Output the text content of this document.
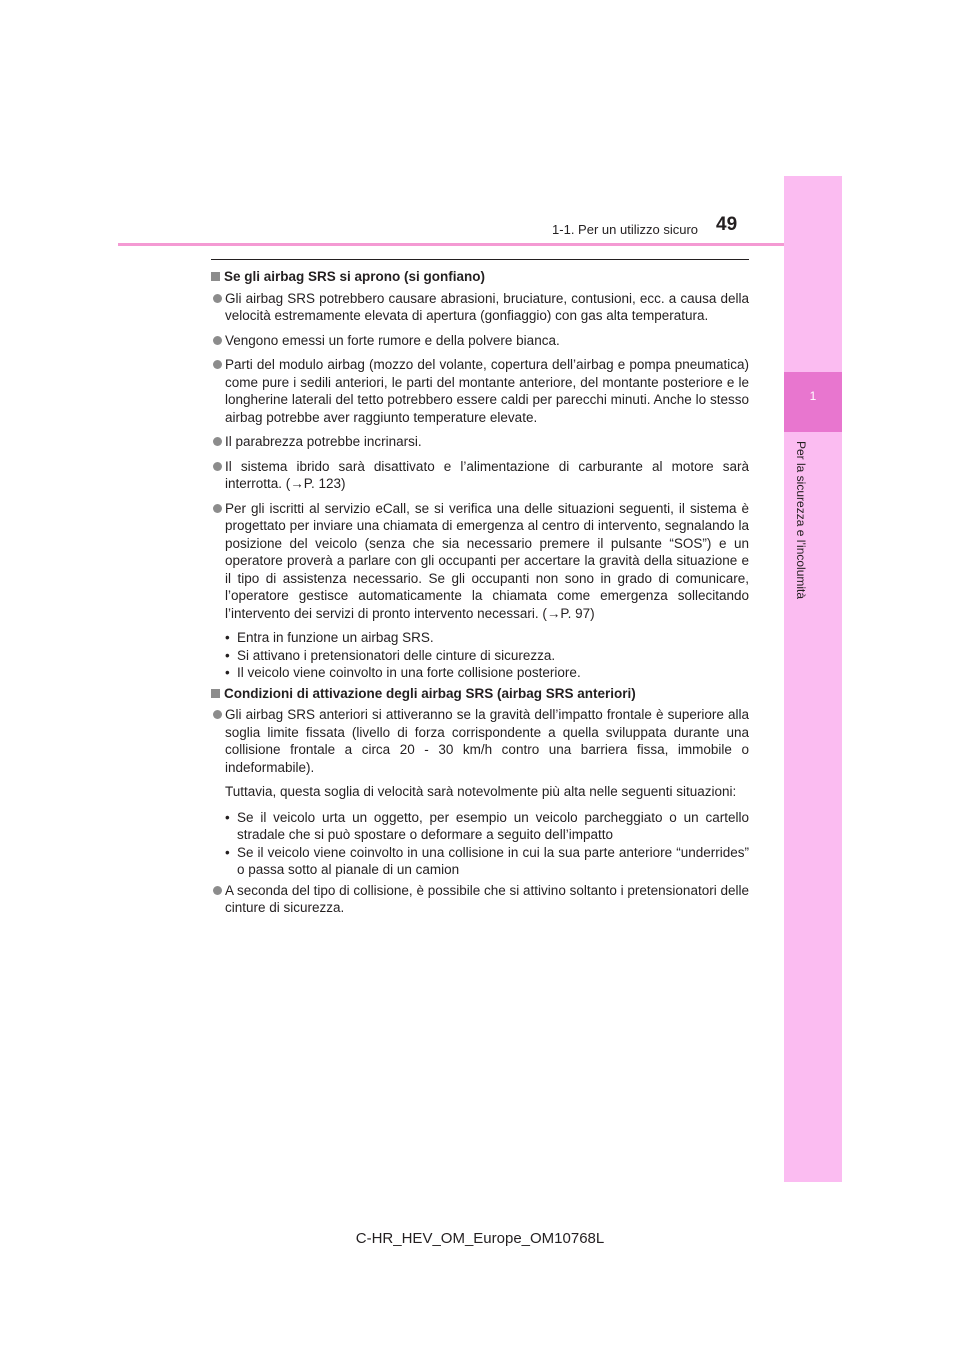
1-1. Per un utilizzo sicuro 49
1
Per la sicurezza e l’incolumità
Se gli airbag SRS si aprono (si gonfiano)
Gli airbag SRS potrebbero causare abrasioni, bruciature, contusioni, ecc. a causa della velocità estremamente elevata di apertura (gonfiaggio) con gas alta temperatura.
Vengono emessi un forte rumore e della polvere bianca.
Parti del modulo airbag (mozzo del volante, copertura dell’airbag e pompa pneumatica) come pure i sedili anteriori, le parti del montante anteriore, del montante posteriore e le longherine laterali del tetto potrebbero essere caldi per parecchi minuti. Anche lo stesso airbag potrebbe aver raggiunto temperature elevate.
Il parabrezza potrebbe incrinarsi.
Il sistema ibrido sarà disattivato e l’alimentazione di carburante al motore sarà interrotta. (→P. 123)
Per gli iscritti al servizio eCall, se si verifica una delle situazioni seguenti, il sistema è progettato per inviare una chiamata di emergenza al centro di intervento, segnalando la posizione del veicolo (senza che sia necessario premere il pulsante “SOS”) e un operatore proverà a parlare con gli occupanti per accertare la gravità della situazione e il tipo di assistenza necessario. Se gli occupanti non sono in grado di comunicare, l’operatore gestisce automaticamente la chiamata come emergenza sollecitando l’intervento dei servizi di pronto intervento necessari. (→P. 97)
• Entra in funzione un airbag SRS.
• Si attivano i pretensionatori delle cinture di sicurezza.
• Il veicolo viene coinvolto in una forte collisione posteriore.
Condizioni di attivazione degli airbag SRS (airbag SRS anteriori)
Gli airbag SRS anteriori si attiveranno se la gravità dell’impatto frontale è superiore alla soglia limite fissata (livello di forza corrispondente a quella sviluppata durante una collisione frontale a circa 20 - 30 km/h contro una barriera fissa, immobile o indeformabile).
Tuttavia, questa soglia di velocità sarà notevolmente più alta nelle seguenti situazioni:
• Se il veicolo urta un oggetto, per esempio un veicolo parcheggiato o un cartello stradale che si può spostare o deformare a seguito dell’impatto
• Se il veicolo viene coinvolto in una collisione in cui la sua parte anteriore “underrides” o passa sotto al pianale di un camion
A seconda del tipo di collisione, è possibile che si attivino soltanto i pretensionatori delle cinture di sicurezza.
C-HR_HEV_OM_Europe_OM10768L
